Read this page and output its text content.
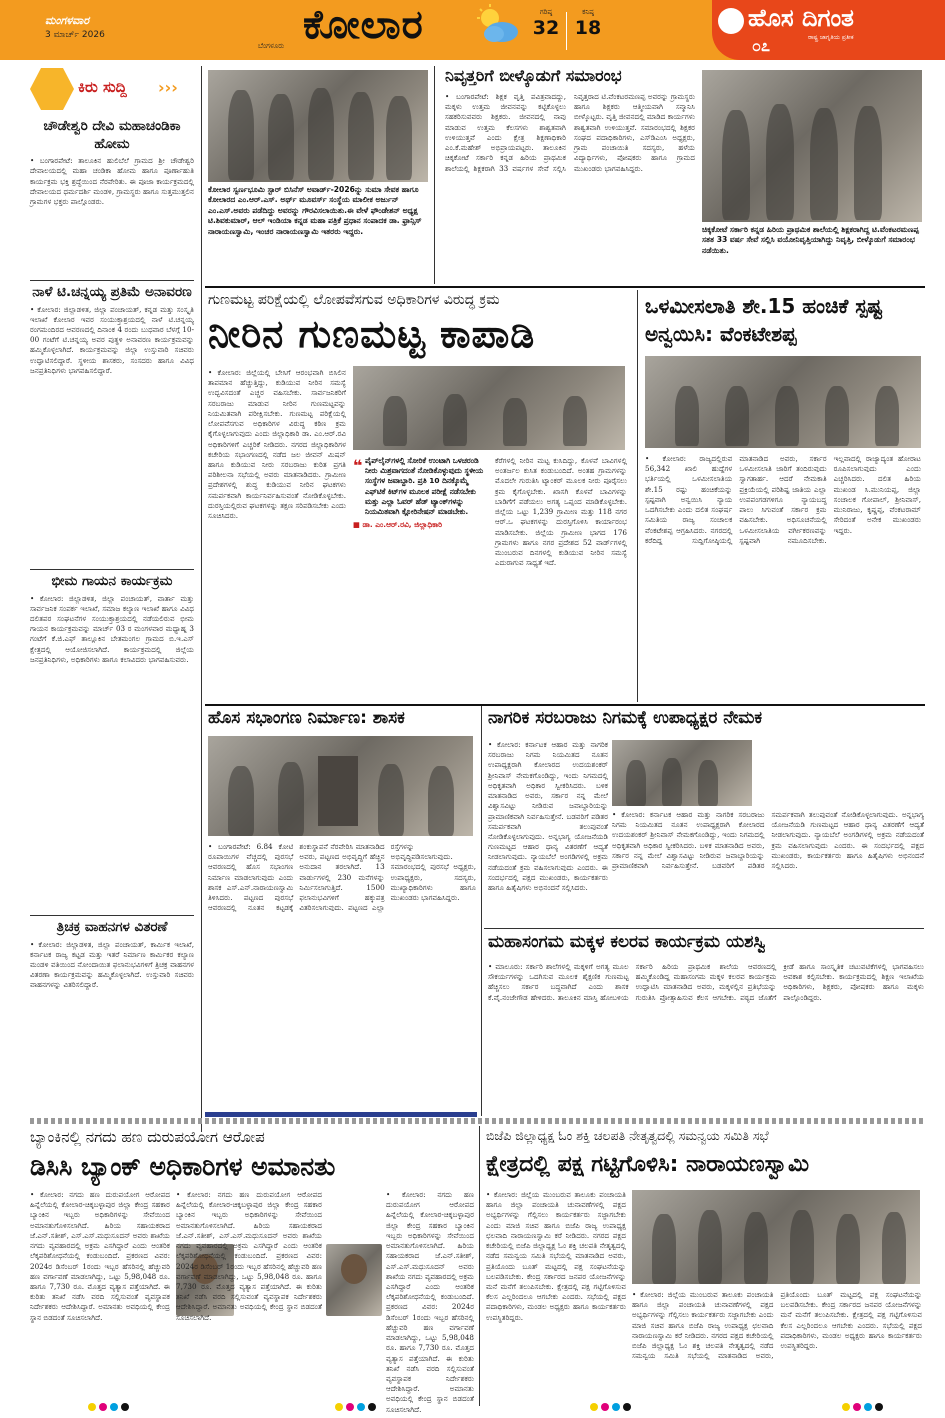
ಮಂಗಳವಾರ
3 ಮಾರ್ಚ್ 2026
ಬೆಂಗಳೂರು ಕೋಲಾರ	ಗರಿಷ್ಠ
32
ಕನಿಷ್ಠ
18	ಹೊಸ ದಿಗಂತ
ರಾಷ್ಟ್ರ ಜಾಗೃತಿಯ ಪ್ರತೀಕ
೦೭
ಕಿರು ಸುದ್ದಿ ›››
ಚೌಡೇಶ್ವರಿ ದೇವಿ ಮಹಾಚಂಡಿಕಾ ಹೋಮ
• ಬಂಗಾರಪೇಟೆ: ತಾಲೂಕಿನ ಹುಲಿಬೆಲೆ ಗ್ರಾಮದ ಶ್ರೀ ಚೌಡೇಶ್ವರಿ ದೇವಾಲಯದಲ್ಲಿ ಮಹಾ ಚಂಡಿಕಾ ಹೋಮ ಹಾಗೂ ಪೂರ್ಣಾಹುತಿ ಕಾರ್ಯಕ್ರಮ ಭಕ್ತಿ ಶ್ರದ್ಧೆಯಿಂದ ನೆರವೇರಿತು. ಈ ಪೂಜಾ ಕಾರ್ಯಕ್ರಮದಲ್ಲಿ ದೇವಾಲಯದ ಧರ್ಮದರ್ಶಿ ಮಂಡಳಿ, ಗ್ರಾಮಸ್ಥರು ಹಾಗೂ ಸುತ್ತಮುತ್ತಲಿನ ಗ್ರಾಮಗಳ ಭಕ್ತರು ಪಾಲ್ಗೊಂಡರು.
ನಾಳೆ ಟಿ.ಚನ್ನಯ್ಯ ಪ್ರತಿಮೆ ಅನಾವರಣ
• ಕೋಲಾರ: ಜಿಲ್ಲಾಡಳಿತ, ಜಿಲ್ಲಾ ಪಂಚಾಯತ್, ಕನ್ನಡ ಮತ್ತು ಸಂಸ್ಕೃತಿ ಇಲಾಖೆ ಕೋಲಾರ ಇವರ ಸಂಯುಕ್ತಾಶ್ರಯದಲ್ಲಿ ನಾಳೆ ಟಿ.ಚನ್ನಯ್ಯ ರಂಗಮಂದಿರದ ಆವರಣದಲ್ಲಿ ದಿನಾಂಕ 4 ರಂದು ಬುಧವಾರ ಬೆಳಗ್ಗೆ 10-00 ಗಂಟೆಗೆ ಟಿ.ಚನ್ನಯ್ಯ ಅವರ ಪುತ್ಥಳಿ ಅನಾವರಣ ಕಾರ್ಯಕ್ರಮವನ್ನು ಹಮ್ಮಿಕೊಳ್ಳಲಾಗಿದೆ. ಕಾರ್ಯಕ್ರಮವನ್ನು ಜಿಲ್ಲಾ ಉಸ್ತುವಾರಿ ಸಚಿವರು ಉದ್ಘಾಟಿಸಲಿದ್ದಾರೆ. ಸ್ಥಳೀಯ ಶಾಸಕರು, ಸಂಸದರು ಹಾಗೂ ವಿವಿಧ ಜನಪ್ರತಿನಿಧಿಗಳು ಭಾಗವಹಿಸಲಿದ್ದಾರೆ.
ಭೀಮ ಗಾಯನ ಕಾರ್ಯಕ್ರಮ
• ಕೋಲಾರ: ಜಿಲ್ಲಾಡಳಿತ, ಜಿಲ್ಲಾ ಪಂಚಾಯತ್, ವಾರ್ತಾ ಮತ್ತು ಸಾರ್ವಜನಿಕ ಸಂಪರ್ಕ ಇಲಾಖೆ, ಸಮಾಜ ಕಲ್ಯಾಣ ಇಲಾಖೆ ಹಾಗೂ ವಿವಿಧ ದಲಿತಪರ ಸಂಘಟನೆಗಳ ಸಂಯುಕ್ತಾಶ್ರಯದಲ್ಲಿ ನಡೆಯಲಿರುವ ಭೀಮ ಗಾಯನ ಕಾರ್ಯಕ್ರಮವನ್ನು ಮಾರ್ಚ್ 03 ರ ಮಂಗಳವಾರ ಮಧ್ಯಾಹ್ನ 3 ಗಂಟೆಗೆ ಕೆ.ಜಿ.ಎಫ್ ತಾಲ್ಲೂಕಿನ ಬೇತಮಂಗಲ ಗ್ರಾಮದ ಬಿ.ಇ.ಎಸ್ ಕ್ಷೇತ್ರದಲ್ಲಿ ಆಯೋಜಿಸಲಾಗಿದೆ. ಕಾರ್ಯಕ್ರಮದಲ್ಲಿ ಜಿಲ್ಲೆಯ ಜನಪ್ರತಿನಿಧಿಗಳು, ಅಧಿಕಾರಿಗಳು ಹಾಗೂ ಕಲಾವಿದರು ಭಾಗವಹಿಸುವರು.
ತ್ರಿಚಕ್ರ ವಾಹನಗಳ ವಿತರಣೆ
• ಕೋಲಾರ: ಜಿಲ್ಲಾಡಳಿತ, ಜಿಲ್ಲಾ ಪಂಚಾಯತ್, ಕಾರ್ಮಿಕ ಇಲಾಖೆ, ಕರ್ನಾಟಕ ರಾಜ್ಯ ಕಟ್ಟಡ ಮತ್ತು ಇತರೆ ನಿರ್ಮಾಣ ಕಾರ್ಮಿಕರ ಕಲ್ಯಾಣ ಮಂಡಳಿ ವತಿಯಿಂದ ನೋಂದಾಯಿತ ಫಲಾನುಭವಿಗಳಿಗೆ ತ್ರಿಚಕ್ರ ವಾಹನಗಳ ವಿತರಣಾ ಕಾರ್ಯಕ್ರಮವನ್ನು ಹಮ್ಮಿಕೊಳ್ಳಲಾಗಿದೆ. ಉಸ್ತುವಾರಿ ಸಚಿವರು ವಾಹನಗಳನ್ನು ವಿತರಿಸಲಿದ್ದಾರೆ.
ಕೋಲಾರ ಸ್ವರ್ಣಭೂಮಿ ಸ್ಟಾರ್ ಬಿಸಿನೆಸ್ ಅವಾರ್ಡ್-2026ನ್ನು ಸುಮಾ ಸೇವಕ ಹಾಗೂ ಕೋಲಾರದ ಎಂ.ಆರ್.ಎಸ್. ಅರ್ಥ್ ಮೂವರ್ಸ್ ಸಂಸ್ಥೆಯ ಮಾಲೀಕ ಅರ್ಜುನ್ ಎಂ.ಎಸ್.ಅವರು ಪಡೆದಿದ್ದು ಅವರನ್ನು ಗೌರವಿಸಲಾಯಿತು.ಈ ವೇಳೆ ಫೌಂಡೇಶನ್ ಅಧ್ಯಕ್ಷ ಟಿ.ಶಿವಕುಮಾರ್, ಆಲ್ ಇಂಡಿಯಾ ಕನ್ನಡ ಮಹಾ ಪತ್ರಿಕೆ ಪ್ರಧಾನ ಸಂಪಾದಕ ಡಾ. ಫ್ರಾನ್ಸಿಸ್ ನಾರಾಯಣಸ್ವಾಮಿ, ಇಂಚರ ನಾರಾಯಣಸ್ವಾಮಿ ಇತರರು ಇದ್ದರು.
ನಿವೃತ್ತರಿಗೆ ಬೀಳ್ಕೊಡುಗೆ ಸಮಾರಂಭ
• ಬಂಗಾರಪೇಟೆ: ಶಿಕ್ಷಕ ವೃತ್ತಿ ಪವಿತ್ರವಾದದ್ದು, ಮಕ್ಕಳು ಉತ್ತಮ ಜೀವನವನ್ನು ಕಟ್ಟಿಕೊಳ್ಳಲು ಸಹಕರಿಸುವವರು ಶಿಕ್ಷಕರು. ಜೀವನದಲ್ಲಿ ನಾವು ಮಾಡುವ ಉತ್ತಮ ಕೆಲಸಗಳು ಶಾಶ್ವತವಾಗಿ ಉಳಿಯುತ್ತವೆ ಎಂದು ಕ್ಷೇತ್ರ ಶಿಕ್ಷಣಾಧಿಕಾರಿ ಎಂ.ಕೆ.ಮಹೇಶ್ ಅಭಿಪ್ರಾಯಪಟ್ಟರು. ತಾಲೂಕಿನ ಚಿಕ್ಕಕೋಟೆ ಸರ್ಕಾರಿ ಕನ್ನಡ ಹಿರಿಯ ಪ್ರಾಥಮಿಕ ಶಾಲೆಯಲ್ಲಿ ಶಿಕ್ಷಕರಾಗಿ 33 ವರ್ಷಗಳ ಸೇವೆ ಸಲ್ಲಿಸಿ ನಿವೃತ್ತರಾದ ಟಿ.ವೆಂಕಟರಮಣಪ್ಪ ಅವರನ್ನು ಗ್ರಾಮಸ್ಥರು ಹಾಗೂ ಶಿಕ್ಷಕರು ಆತ್ಮೀಯವಾಗಿ ಸನ್ಮಾನಿಸಿ ಬೀಳ್ಕೊಟ್ಟರು. ವೃತ್ತಿ ಜೀವನದಲ್ಲಿ ಮಾಡಿದ ಕಾರ್ಯಗಳು ಶಾಶ್ವತವಾಗಿ ಉಳಿಯುತ್ತವೆ. ಸಮಾರಂಭದಲ್ಲಿ ಶಿಕ್ಷಕರ ಸಂಘದ ಪದಾಧಿಕಾರಿಗಳು, ಎಸ್‌ಡಿಎಂಸಿ ಅಧ್ಯಕ್ಷರು, ಗ್ರಾಮ ಪಂಚಾಯಿತಿ ಸದಸ್ಯರು, ಹಳೆಯ ವಿದ್ಯಾರ್ಥಿಗಳು, ಪೋಷಕರು ಹಾಗೂ ಗ್ರಾಮದ ಮುಖಂಡರು ಭಾಗವಹಿಸಿದ್ದರು.
ಚಿಕ್ಕಕೋಟೆ ಸರ್ಕಾರಿ ಕನ್ನಡ ಹಿರಿಯ ಪ್ರಾಥಮಿಕ ಶಾಲೆಯಲ್ಲಿ ಶಿಕ್ಷಕರಾಗಿದ್ದ ಟಿ.ವೆಂಕಟರಮಣಪ್ಪ ಸತತ 33 ವರ್ಷ ಸೇವೆ ಸಲ್ಲಿಸಿ ವಯೋನಿವೃತ್ತಿಯಾಗಿದ್ದು ನಿವೃತ್ತಿ, ಬೀಳ್ಕೊಡುಗೆ ಸಮಾರಂಭ ನಡೆಯಿತು.
ಗುಣಮಟ್ಟ ಪರಿಕ್ಷೆಯಲ್ಲಿ ಲೋಪವೆಸಗುವ ಅಧಿಕಾರಿಗಳ ವಿರುದ್ಧ ಕ್ರಮ
ನೀರಿನ ಗುಣಮಟ್ಟ ಕಾಪಾಡಿ
• ಕೋಲಾರ: ಜಿಲ್ಲೆಯಲ್ಲಿ ಬೇಸಿಗೆ ಆರಂಭವಾಗಿ ಬಿಸಿಲಿನ ತಾಪಮಾನ ಹೆಚ್ಚುತ್ತಿದ್ದು, ಕುಡಿಯುವ ನೀರಿನ ಸಮಸ್ಯೆ ಉದ್ಭವಿಸದಂತೆ ಎಚ್ಚರ ವಹಿಸಬೇಕು. ಸಾರ್ವಜನಿಕರಿಗೆ ಸರಬರಾಜು ಮಾಡುವ ನೀರಿನ ಗುಣಮಟ್ಟವನ್ನು ನಿಯಮಿತವಾಗಿ ಪರೀಕ್ಷಿಸಬೇಕು. ಗುಣಮಟ್ಟ ಪರಿಕ್ಷೆಯಲ್ಲಿ ಲೋಪವೆಸಗುವ ಅಧಿಕಾರಿಗಳ ವಿರುದ್ಧ ಕಠಿಣ ಕ್ರಮ ಕೈಗೊಳ್ಳಲಾಗುವುದು ಎಂದು ಜಿಲ್ಲಾಧಿಕಾರಿ ಡಾ. ಎಂ.ಆರ್.ರವಿ ಅಧಿಕಾರಿಗಳಿಗೆ ಎಚ್ಚರಿಕೆ ನೀಡಿದರು. ನಗರದ ಜಿಲ್ಲಾಧಿಕಾರಿಗಳ ಕಚೇರಿಯ ಸಭಾಂಗಣದಲ್ಲಿ ನಡೆದ ಜಲ ಜೀವನ್ ಮಿಷನ್ ಹಾಗೂ ಕುಡಿಯುವ ನೀರು ಸರಬರಾಜು ಕುರಿತ ಪ್ರಗತಿ ಪರಿಶೀಲನಾ ಸಭೆಯಲ್ಲಿ ಅವರು ಮಾತನಾಡಿದರು. ಗ್ರಾಮೀಣ ಪ್ರದೇಶಗಳಲ್ಲಿ ಶುದ್ಧ ಕುಡಿಯುವ ನೀರಿನ ಘಟಕಗಳು ಸಮರ್ಪಕವಾಗಿ ಕಾರ್ಯನಿರ್ವಹಿಸುವಂತೆ ನೋಡಿಕೊಳ್ಳಬೇಕು. ದುರಸ್ತಿಯಲ್ಲಿರುವ ಘಟಕಗಳನ್ನು ತಕ್ಷಣ ಸರಿಪಡಿಸಬೇಕು ಎಂದು ಸೂಚಿಸಿದರು.
❝ ಪೈಪ್‌ಲೈನ್‌ಗಳಲ್ಲಿ ಸೋರಿಕೆ ಉಂಟಾಗಿ ಒಳಚರಂಡಿ ನೀರು ಮಿಶ್ರವಾಗದಂತೆ ನೋಡಿಕೊಳ್ಳುವುದು ಸ್ಥಳೀಯ ಸಂಸ್ಥೆಗಳ ಜವಾಬ್ದಾರಿ. ಪ್ರತಿ 10 ದಿನಕ್ಕೊಮ್ಮೆ ಎಫ್‌ಟಿಕೆ ಕಿಟ್‌ಗಳ ಮೂಲಕ ಪರೀಕ್ಷೆ ನಡೆಸಬೇಕು ಮತ್ತು ಎಲ್ಲಾ ಓವರ್ ಹೆಡ್ ಟ್ಯಾಂಕ್‌ಗಳನ್ನು ನಿಯಮಿತವಾಗಿ ಕ್ಲೋರಿನೇಷನ್ ಮಾಡಬೇಕು.
■ ಡಾ. ಎಂ.ಆರ್.ರವಿ, ಜಿಲ್ಲಾಧಿಕಾರಿ
ಕೆರೆಗಳಲ್ಲಿ ನೀರಿನ ಮಟ್ಟ ಕುಸಿದಿದ್ದು, ಕೊಳವೆ ಬಾವಿಗಳಲ್ಲಿ ಅಂತರ್ಜಲ ಕುಸಿತ ಕಂಡುಬಂದಿದೆ. ಅಂತಹ ಗ್ರಾಮಗಳನ್ನು ಮೊದಲೇ ಗುರುತಿಸಿ ಟ್ಯಾಂಕರ್ ಮೂಲಕ ನೀರು ಪೂರೈಸಲು ಕ್ರಮ ಕೈಗೊಳ್ಳಬೇಕು. ಖಾಸಗಿ ಕೊಳವೆ ಬಾವಿಗಳನ್ನು ಬಾಡಿಗೆಗೆ ಪಡೆಯಲು ಅಗತ್ಯ ಒಪ್ಪಂದ ಮಾಡಿಕೊಳ್ಳಬೇಕು. ಜಿಲ್ಲೆಯ ಒಟ್ಟು 1,239 ಗ್ರಾಮೀಣ ಮತ್ತು 118 ನಗರ ಆರ್.ಒ ಘಟಕಗಳನ್ನು ದುರಸ್ತಿಗೊಳಿಸಿ ಕಾರ್ಯಾರಂಭ ಮಾಡಿಸಬೇಕು. ಜಿಲ್ಲೆಯ ಗ್ರಾಮೀಣ ಭಾಗದ 176 ಗ್ರಾಮಗಳು ಹಾಗೂ ನಗರ ಪ್ರದೇಶದ 52 ವಾರ್ಡ್‌ಗಳಲ್ಲಿ ಮುಂಬರುವ ದಿನಗಳಲ್ಲಿ ಕುಡಿಯುವ ನೀರಿನ ಸಮಸ್ಯೆ ಎದುರಾಗುವ ಸಾಧ್ಯತೆ ಇದೆ.
ಒಳಮೀಸಲಾತಿ ಶೇ.15 ಹಂಚಿಕೆ ಸ್ಪಷ್ಟ ಅನ್ವಯಿಸಿ: ವೆಂಕಟೇಶಪ್ಪ
• ಕೋಲಾರ: ರಾಜ್ಯದಲ್ಲಿರುವ 56,342 ಖಾಲಿ ಹುದ್ದೆಗಳ ಭರ್ತಿಯಲ್ಲಿ ಒಳಮೀಸಲಾತಿಯ ಶೇ.15 ರಷ್ಟು ಹಂಚಿಕೆಯನ್ನು ಸ್ಪಷ್ಟವಾಗಿ ಅನ್ವಯಿಸಿ ನ್ಯಾಯ ಒದಗಿಸಬೇಕು ಎಂದು ದಲಿತ ಸಂಘರ್ಷ ಸಮಿತಿಯ ರಾಜ್ಯ ಸಂಚಾಲಕ ವೆಂಕಟೇಶಪ್ಪ ಆಗ್ರಹಿಸಿದರು. ನಗರದಲ್ಲಿ ಕರೆದಿದ್ದ ಸುದ್ದಿಗೋಷ್ಠಿಯಲ್ಲಿ ಮಾತನಾಡಿದ ಅವರು, ಸರ್ಕಾರ ಒಳಮೀಸಲಾತಿ ಜಾರಿಗೆ ತಂದಿರುವುದು ಸ್ವಾಗತಾರ್ಹ. ಆದರೆ ನೇಮಕಾತಿ ಪ್ರಕ್ರಿಯೆಯಲ್ಲಿ ಪರಿಶಿಷ್ಟ ಜಾತಿಯ ಎಲ್ಲಾ ಉಪಪಂಗಡಗಳಿಗೂ ನ್ಯಾಯಬದ್ಧ ಪಾಲು ಸಿಗುವಂತೆ ಸರ್ಕಾರ ಕ್ರಮ ವಹಿಸಬೇಕು. ಅಧಿಸೂಚನೆಯಲ್ಲಿ ಒಳಮೀಸಲಾತಿಯ ವರ್ಗೀಕರಣವನ್ನು ಸ್ಪಷ್ಟವಾಗಿ ನಮೂದಿಸಬೇಕು. ಇಲ್ಲವಾದಲ್ಲಿ ರಾಜ್ಯಾದ್ಯಂತ ಹೋರಾಟ ರೂಪಿಸಲಾಗುವುದು ಎಂದು ಎಚ್ಚರಿಸಿದರು. ದಲಿತ ಹಿರಿಯ ಮುಖಂಡ ಸಿ.ಮುನಿಯಪ್ಪ, ಜಿಲ್ಲಾ ಸಂಚಾಲಕ ಗೋಪಾಲ್, ಶ್ರೀನಿವಾಸ್, ಮುನಿರಾಜು, ಕೃಷ್ಣಪ್ಪ, ವೆಂಕಟರಾಮ್ ಸೇರಿದಂತೆ ಅನೇಕ ಮುಖಂಡರು ಇದ್ದರು.
ಹೊಸ ಸಭಾಂಗಣ ನಿರ್ಮಾಣ: ಶಾಸಕ
• ಬಂಗಾರಪೇಟೆ: 6.84 ಕೋಟಿ ರೂಪಾಯಿಗಳ ವೆಚ್ಚದಲ್ಲಿ ಪುರಸಭೆ ಆವರಣದಲ್ಲಿ ಹೊಸ ಸಭಾಂಗಣ ನಿರ್ಮಾಣ ಮಾಡಲಾಗುವುದು ಎಂದು ಶಾಸಕ ಎಸ್.ಎನ್.ನಾರಾಯಣಸ್ವಾಮಿ ತಿಳಿಸಿದರು. ಪಟ್ಟಣದ ಪುರಸಭೆ ಆವರಣದಲ್ಲಿ ನೂತನ ಕಟ್ಟಡಕ್ಕೆ ಶಂಕುಸ್ಥಾಪನೆ ನೆರವೇರಿಸಿ ಮಾತನಾಡಿದ ಅವರು, ಪಟ್ಟಣದ ಅಭಿವೃದ್ಧಿಗೆ ಹೆಚ್ಚಿನ ಅನುದಾನ ತರಲಾಗಿದೆ. 13 ವಾರ್ಡುಗಳಲ್ಲಿ 230 ಮನೆಗಳನ್ನು ನಿರ್ಮಿಸಲಾಗುತ್ತಿದೆ. 1500 ಫಲಾನುಭವಿಗಳಿಗೆ ಹಕ್ಕುಪತ್ರ ವಿತರಿಸಲಾಗುವುದು. ಪಟ್ಟಣದ ಎಲ್ಲಾ ರಸ್ತೆಗಳನ್ನು ಅಭಿವೃದ್ಧಿಪಡಿಸಲಾಗುವುದು. ಸಮಾರಂಭದಲ್ಲಿ ಪುರಸಭೆ ಅಧ್ಯಕ್ಷರು, ಉಪಾಧ್ಯಕ್ಷರು, ಸದಸ್ಯರು, ಮುಖ್ಯಾಧಿಕಾರಿಗಳು ಹಾಗೂ ಮುಖಂಡರು ಭಾಗವಹಿಸಿದ್ದರು.
ನಾಗರಿಕ ಸರಬರಾಜು ನಿಗಮಕ್ಕೆ ಉಪಾಧ್ಯಕ್ಷರ ನೇಮಕ
• ಕೋಲಾರ: ಕರ್ನಾಟಕ ಆಹಾರ ಮತ್ತು ನಾಗರಿಕ ಸರಬರಾಜು ನಿಗಮ ನಿಯಮಿತದ ನೂತನ ಉಪಾಧ್ಯಕ್ಷರಾಗಿ ಕೋಲಾರದ ಉದಯಶಂಕರ್ ಶ್ರೀನಿವಾಸ್ ನೇಮಕಗೊಂಡಿದ್ದು, ಇಂದು ನಿಗಮದಲ್ಲಿ ಅಧಿಕೃತವಾಗಿ ಅಧಿಕಾರ ಸ್ವೀಕರಿಸಿದರು. ಬಳಿಕ ಮಾತನಾಡಿದ ಅವರು, ಸರ್ಕಾರ ನನ್ನ ಮೇಲೆ ವಿಶ್ವಾಸವಿಟ್ಟು ನೀಡಿರುವ ಜವಾಬ್ದಾರಿಯನ್ನು ಪ್ರಾಮಾಣಿಕವಾಗಿ ನಿರ್ವಹಿಸುತ್ತೇನೆ. ಬಡವರಿಗೆ ಪಡಿತರ ಸಮರ್ಪಕವಾಗಿ ತಲುಪುವಂತೆ ನೋಡಿಕೊಳ್ಳಲಾಗುವುದು. ಅನ್ನಭಾಗ್ಯ ಯೋಜನೆಯಡಿ ಗುಣಮಟ್ಟದ ಆಹಾರ ಧಾನ್ಯ ವಿತರಣೆಗೆ ಆದ್ಯತೆ ನೀಡಲಾಗುವುದು. ನ್ಯಾಯಬೆಲೆ ಅಂಗಡಿಗಳಲ್ಲಿ ಅಕ್ರಮ ನಡೆಯದಂತೆ ಕ್ರಮ ವಹಿಸಲಾಗುವುದು ಎಂದರು. ಈ ಸಂದರ್ಭದಲ್ಲಿ ಪಕ್ಷದ ಮುಖಂಡರು, ಕಾರ್ಯಕರ್ತರು ಹಾಗೂ ಹಿತೈಷಿಗಳು ಅಭಿನಂದನೆ ಸಲ್ಲಿಸಿದರು.
• ಕೋಲಾರ: ಕರ್ನಾಟಕ ಆಹಾರ ಮತ್ತು ನಾಗರಿಕ ಸರಬರಾಜು ನಿಗಮ ನಿಯಮಿತದ ನೂತನ ಉಪಾಧ್ಯಕ್ಷರಾಗಿ ಕೋಲಾರದ ಉದಯಶಂಕರ್ ಶ್ರೀನಿವಾಸ್ ನೇಮಕಗೊಂಡಿದ್ದು, ಇಂದು ನಿಗಮದಲ್ಲಿ ಅಧಿಕೃತವಾಗಿ ಅಧಿಕಾರ ಸ್ವೀಕರಿಸಿದರು. ಬಳಿಕ ಮಾತನಾಡಿದ ಅವರು, ಸರ್ಕಾರ ನನ್ನ ಮೇಲೆ ವಿಶ್ವಾಸವಿಟ್ಟು ನೀಡಿರುವ ಜವಾಬ್ದಾರಿಯನ್ನು ಪ್ರಾಮಾಣಿಕವಾಗಿ ನಿರ್ವಹಿಸುತ್ತೇನೆ. ಬಡವರಿಗೆ ಪಡಿತರ ಸಮರ್ಪಕವಾಗಿ ತಲುಪುವಂತೆ ನೋಡಿಕೊಳ್ಳಲಾಗುವುದು. ಅನ್ನಭಾಗ್ಯ ಯೋಜನೆಯಡಿ ಗುಣಮಟ್ಟದ ಆಹಾರ ಧಾನ್ಯ ವಿತರಣೆಗೆ ಆದ್ಯತೆ ನೀಡಲಾಗುವುದು. ನ್ಯಾಯಬೆಲೆ ಅಂಗಡಿಗಳಲ್ಲಿ ಅಕ್ರಮ ನಡೆಯದಂತೆ ಕ್ರಮ ವಹಿಸಲಾಗುವುದು ಎಂದರು. ಈ ಸಂದರ್ಭದಲ್ಲಿ ಪಕ್ಷದ ಮುಖಂಡರು, ಕಾರ್ಯಕರ್ತರು ಹಾಗೂ ಹಿತೈಷಿಗಳು ಅಭಿನಂದನೆ ಸಲ್ಲಿಸಿದರು.
ಮಹಾಸಂಗಮ ಮಕ್ಕಳ ಕಲರವ ಕಾರ್ಯಕ್ರಮ ಯಶಸ್ವಿ
• ಮಾಲೂರು: ಸರ್ಕಾರಿ ಶಾಲೆಗಳಲ್ಲಿ ಮಕ್ಕಳಿಗೆ ಅಗತ್ಯ ಮೂಲ ಸೌಕರ್ಯಗಳನ್ನು ಒದಗಿಸುವ ಮೂಲಕ ಶೈಕ್ಷಣಿಕ ಗುಣಮಟ್ಟ ಹೆಚ್ಚಿಸಲು ಸರ್ಕಾರ ಬದ್ಧವಾಗಿದೆ ಎಂದು ಶಾಸಕ ಕೆ.ವೈ.ನಂಜೇಗೌಡ ಹೇಳಿದರು. ತಾಲೂಕಿನ ಮಾಸ್ತಿ ಹೋಬಳಿಯ ಸರ್ಕಾರಿ ಹಿರಿಯ ಪ್ರಾಥಮಿಕ ಶಾಲೆಯ ಆವರಣದಲ್ಲಿ ಹಮ್ಮಿಕೊಂಡಿದ್ದ ಮಹಾಸಂಗಮ ಮಕ್ಕಳ ಕಲರವ ಕಾರ್ಯಕ್ರಮ ಉದ್ಘಾಟಿಸಿ ಮಾತನಾಡಿದ ಅವರು, ಮಕ್ಕಳಲ್ಲಿನ ಪ್ರತಿಭೆಯನ್ನು ಗುರುತಿಸಿ ಪ್ರೋತ್ಸಾಹಿಸುವ ಕೆಲಸ ಆಗಬೇಕು. ಪಠ್ಯದ ಜೊತೆಗೆ ಕ್ರೀಡೆ ಹಾಗೂ ಸಾಂಸ್ಕೃತಿಕ ಚಟುವಟಿಕೆಗಳಲ್ಲಿ ಭಾಗವಹಿಸಲು ಅವಕಾಶ ಕಲ್ಪಿಸಬೇಕು. ಕಾರ್ಯಕ್ರಮದಲ್ಲಿ ಶಿಕ್ಷಣ ಇಲಾಖೆಯ ಅಧಿಕಾರಿಗಳು, ಶಿಕ್ಷಕರು, ಪೋಷಕರು ಹಾಗೂ ಮಕ್ಕಳು ಪಾಲ್ಗೊಂಡಿದ್ದರು.
ಬ್ಯಾಂಕಿನಲ್ಲಿ ನಗದು ಹಣ ದುರುಪಯೋಗ ಆರೋಪ
ಡಿಸಿಸಿ ಬ್ಯಾಂಕ್ ಅಧಿಕಾರಿಗಳ ಅಮಾನತು
• ಕೋಲಾರ: ನಗದು ಹಣ ದುರುಪಯೋಗ ಆರೋಪದ ಹಿನ್ನೆಲೆಯಲ್ಲಿ ಕೋಲಾರ-ಚಿಕ್ಕಬಳ್ಳಾಪುರ ಜಿಲ್ಲಾ ಕೇಂದ್ರ ಸಹಕಾರ ಬ್ಯಾಂಕಿನ ಇಬ್ಬರು ಅಧಿಕಾರಿಗಳನ್ನು ಸೇವೆಯಿಂದ ಅಮಾನತುಗೊಳಿಸಲಾಗಿದೆ. ಹಿರಿಯ ಸಹಾಯಕರಾದ ಜೆ.ಎನ್.ಸತೀಶ್, ಎಸ್.ಎಸ್.ಮಧುಸೂದನ್ ಅವರು ಶಾಖೆಯ ನಗದು ವ್ಯವಹಾರದಲ್ಲಿ ಅಕ್ರಮ ಎಸಗಿದ್ದಾರೆ ಎಂದು ಆಂತರಿಕ ಲೆಕ್ಕಪರಿಶೋಧನೆಯಲ್ಲಿ ಕಂಡುಬಂದಿದೆ. ಪ್ರಕರಣದ ವಿವರ: 2024ರ ಡಿಸೆಂಬರ್ 1ರಂದು ಇಬ್ಬರ ಹೆಸರಿನಲ್ಲಿ ಹೆಚ್ಚುವರಿ ಹಣ ವರ್ಗಾವಣೆ ಮಾಡಲಾಗಿದ್ದು, ಒಟ್ಟು 5,98,048 ರೂ. ಹಾಗೂ 7,730 ರೂ. ಮೊತ್ತದ ವ್ಯತ್ಯಾಸ ಪತ್ತೆಯಾಗಿದೆ. ಈ ಕುರಿತು ತನಿಖೆ ನಡೆಸಿ ವರದಿ ಸಲ್ಲಿಸುವಂತೆ ವ್ಯವಸ್ಥಾಪಕ ನಿರ್ದೇಶಕರು ಆದೇಶಿಸಿದ್ದಾರೆ. ಅಮಾನತು ಅವಧಿಯಲ್ಲಿ ಕೇಂದ್ರ ಸ್ಥಾನ ಬಿಡದಂತೆ ಸೂಚಿಸಲಾಗಿದೆ.
• ಕೋಲಾರ: ನಗದು ಹಣ ದುರುಪಯೋಗ ಆರೋಪದ ಹಿನ್ನೆಲೆಯಲ್ಲಿ ಕೋಲಾರ-ಚಿಕ್ಕಬಳ್ಳಾಪುರ ಜಿಲ್ಲಾ ಕೇಂದ್ರ ಸಹಕಾರ ಬ್ಯಾಂಕಿನ ಇಬ್ಬರು ಅಧಿಕಾರಿಗಳನ್ನು ಸೇವೆಯಿಂದ ಅಮಾನತುಗೊಳಿಸಲಾಗಿದೆ. ಹಿರಿಯ ಸಹಾಯಕರಾದ ಜೆ.ಎನ್.ಸತೀಶ್, ಎಸ್.ಎಸ್.ಮಧುಸೂದನ್ ಅವರು ಶಾಖೆಯ ನಗದು ವ್ಯವಹಾರದಲ್ಲಿ ಅಕ್ರಮ ಎಸಗಿದ್ದಾರೆ ಎಂದು ಆಂತರಿಕ ಲೆಕ್ಕಪರಿಶೋಧನೆಯಲ್ಲಿ ಕಂಡುಬಂದಿದೆ. ಪ್ರಕರಣದ ವಿವರ: 2024ರ ಡಿಸೆಂಬರ್ 1ರಂದು ಇಬ್ಬರ ಹೆಸರಿನಲ್ಲಿ ಹೆಚ್ಚುವರಿ ಹಣ ವರ್ಗಾವಣೆ ಮಾಡಲಾಗಿದ್ದು, ಒಟ್ಟು 5,98,048 ರೂ. ಹಾಗೂ 7,730 ರೂ. ಮೊತ್ತದ ವ್ಯತ್ಯಾಸ ಪತ್ತೆಯಾಗಿದೆ. ಈ ಕುರಿತು ತನಿಖೆ ನಡೆಸಿ ವರದಿ ಸಲ್ಲಿಸುವಂತೆ ವ್ಯವಸ್ಥಾಪಕ ನಿರ್ದೇಶಕರು ಆದೇಶಿಸಿದ್ದಾರೆ. ಅಮಾನತು ಅವಧಿಯಲ್ಲಿ ಕೇಂದ್ರ ಸ್ಥಾನ ಬಿಡದಂತೆ ಸೂಚಿಸಲಾಗಿದೆ.
• ಕೋಲಾರ: ನಗದು ಹಣ ದುರುಪಯೋಗ ಆರೋಪದ ಹಿನ್ನೆಲೆಯಲ್ಲಿ ಕೋಲಾರ-ಚಿಕ್ಕಬಳ್ಳಾಪುರ ಜಿಲ್ಲಾ ಕೇಂದ್ರ ಸಹಕಾರ ಬ್ಯಾಂಕಿನ ಇಬ್ಬರು ಅಧಿಕಾರಿಗಳನ್ನು ಸೇವೆಯಿಂದ ಅಮಾನತುಗೊಳಿಸಲಾಗಿದೆ. ಹಿರಿಯ ಸಹಾಯಕರಾದ ಜೆ.ಎನ್.ಸತೀಶ್, ಎಸ್.ಎಸ್.ಮಧುಸೂದನ್ ಅವರು ಶಾಖೆಯ ನಗದು ವ್ಯವಹಾರದಲ್ಲಿ ಅಕ್ರಮ ಎಸಗಿದ್ದಾರೆ ಎಂದು ಆಂತರಿಕ ಲೆಕ್ಕಪರಿಶೋಧನೆಯಲ್ಲಿ ಕಂಡುಬಂದಿದೆ. ಪ್ರಕರಣದ ವಿವರ: 2024ರ ಡಿಸೆಂಬರ್ 1ರಂದು ಇಬ್ಬರ ಹೆಸರಿನಲ್ಲಿ ಹೆಚ್ಚುವರಿ ಹಣ ವರ್ಗಾವಣೆ ಮಾಡಲಾಗಿದ್ದು, ಒಟ್ಟು 5,98,048 ರೂ. ಹಾಗೂ 7,730 ರೂ. ಮೊತ್ತದ ವ್ಯತ್ಯಾಸ ಪತ್ತೆಯಾಗಿದೆ. ಈ ಕುರಿತು ತನಿಖೆ ನಡೆಸಿ ವರದಿ ಸಲ್ಲಿಸುವಂತೆ ವ್ಯವಸ್ಥಾಪಕ ನಿರ್ದೇಶಕರು ಆದೇಶಿಸಿದ್ದಾರೆ. ಅಮಾನತು ಅವಧಿಯಲ್ಲಿ ಕೇಂದ್ರ ಸ್ಥಾನ ಬಿಡದಂತೆ ಸೂಚಿಸಲಾಗಿದೆ.
ಬಿಜೆಪಿ ಜಿಲ್ಲಾಧ್ಯಕ್ಷ ಓಂ ಶಕ್ತಿ ಚಲಪತಿ ನೇತೃತ್ವದಲ್ಲಿ ಸಮನ್ವಯ ಸಮಿತಿ ಸಭೆ
ಕ್ಷೇತ್ರದಲ್ಲಿ ಪಕ್ಷ ಗಟ್ಟಿಗೊಳಿಸಿ: ನಾರಾಯಣಸ್ವಾಮಿ
• ಕೋಲಾರ: ಜಿಲ್ಲೆಯ ಮುಂಬರುವ ತಾಲೂಕು ಪಂಚಾಯತಿ ಹಾಗೂ ಜಿಲ್ಲಾ ಪಂಚಾಯತಿ ಚುನಾವಣೆಗಳಲ್ಲಿ ಪಕ್ಷದ ಅಭ್ಯರ್ಥಿಗಳನ್ನು ಗೆಲ್ಲಿಸಲು ಕಾರ್ಯಕರ್ತರು ಸಜ್ಜಾಗಬೇಕು ಎಂದು ಮಾಜಿ ಸಚಿವ ಹಾಗೂ ಬಿಜೆಪಿ ರಾಜ್ಯ ಉಪಾಧ್ಯಕ್ಷ ಛಲವಾದಿ ನಾರಾಯಣಸ್ವಾಮಿ ಕರೆ ನೀಡಿದರು. ನಗರದ ಪಕ್ಷದ ಕಚೇರಿಯಲ್ಲಿ ಬಿಜೆಪಿ ಜಿಲ್ಲಾಧ್ಯಕ್ಷ ಓಂ ಶಕ್ತಿ ಚಲಪತಿ ನೇತೃತ್ವದಲ್ಲಿ ನಡೆದ ಸಮನ್ವಯ ಸಮಿತಿ ಸಭೆಯಲ್ಲಿ ಮಾತನಾಡಿದ ಅವರು, ಪ್ರತಿಯೊಂದು ಬೂತ್ ಮಟ್ಟದಲ್ಲಿ ಪಕ್ಷ ಸಂಘಟನೆಯನ್ನು ಬಲಪಡಿಸಬೇಕು. ಕೇಂದ್ರ ಸರ್ಕಾರದ ಜನಪರ ಯೋಜನೆಗಳನ್ನು ಮನೆ ಮನೆಗೆ ತಲುಪಿಸಬೇಕು. ಕ್ಷೇತ್ರದಲ್ಲಿ ಪಕ್ಷ ಗಟ್ಟಿಗೊಳಿಸುವ ಕೆಲಸ ಎಲ್ಲರಿಂದಲೂ ಆಗಬೇಕು ಎಂದರು. ಸಭೆಯಲ್ಲಿ ಪಕ್ಷದ ಪದಾಧಿಕಾರಿಗಳು, ಮಂಡಲ ಅಧ್ಯಕ್ಷರು ಹಾಗೂ ಕಾರ್ಯಕರ್ತರು ಉಪಸ್ಥಿತರಿದ್ದರು.
• ಕೋಲಾರ: ಜಿಲ್ಲೆಯ ಮುಂಬರುವ ತಾಲೂಕು ಪಂಚಾಯತಿ ಹಾಗೂ ಜಿಲ್ಲಾ ಪಂಚಾಯತಿ ಚುನಾವಣೆಗಳಲ್ಲಿ ಪಕ್ಷದ ಅಭ್ಯರ್ಥಿಗಳನ್ನು ಗೆಲ್ಲಿಸಲು ಕಾರ್ಯಕರ್ತರು ಸಜ್ಜಾಗಬೇಕು ಎಂದು ಮಾಜಿ ಸಚಿವ ಹಾಗೂ ಬಿಜೆಪಿ ರಾಜ್ಯ ಉಪಾಧ್ಯಕ್ಷ ಛಲವಾದಿ ನಾರಾಯಣಸ್ವಾಮಿ ಕರೆ ನೀಡಿದರು. ನಗರದ ಪಕ್ಷದ ಕಚೇರಿಯಲ್ಲಿ ಬಿಜೆಪಿ ಜಿಲ್ಲಾಧ್ಯಕ್ಷ ಓಂ ಶಕ್ತಿ ಚಲಪತಿ ನೇತೃತ್ವದಲ್ಲಿ ನಡೆದ ಸಮನ್ವಯ ಸಮಿತಿ ಸಭೆಯಲ್ಲಿ ಮಾತನಾಡಿದ ಅವರು, ಪ್ರತಿಯೊಂದು ಬೂತ್ ಮಟ್ಟದಲ್ಲಿ ಪಕ್ಷ ಸಂಘಟನೆಯನ್ನು ಬಲಪಡಿಸಬೇಕು. ಕೇಂದ್ರ ಸರ್ಕಾರದ ಜನಪರ ಯೋಜನೆಗಳನ್ನು ಮನೆ ಮನೆಗೆ ತಲುಪಿಸಬೇಕು. ಕ್ಷೇತ್ರದಲ್ಲಿ ಪಕ್ಷ ಗಟ್ಟಿಗೊಳಿಸುವ ಕೆಲಸ ಎಲ್ಲರಿಂದಲೂ ಆಗಬೇಕು ಎಂದರು. ಸಭೆಯಲ್ಲಿ ಪಕ್ಷದ ಪದಾಧಿಕಾರಿಗಳು, ಮಂಡಲ ಅಧ್ಯಕ್ಷರು ಹಾಗೂ ಕಾರ್ಯಕರ್ತರು ಉಪಸ್ಥಿತರಿದ್ದರು.
